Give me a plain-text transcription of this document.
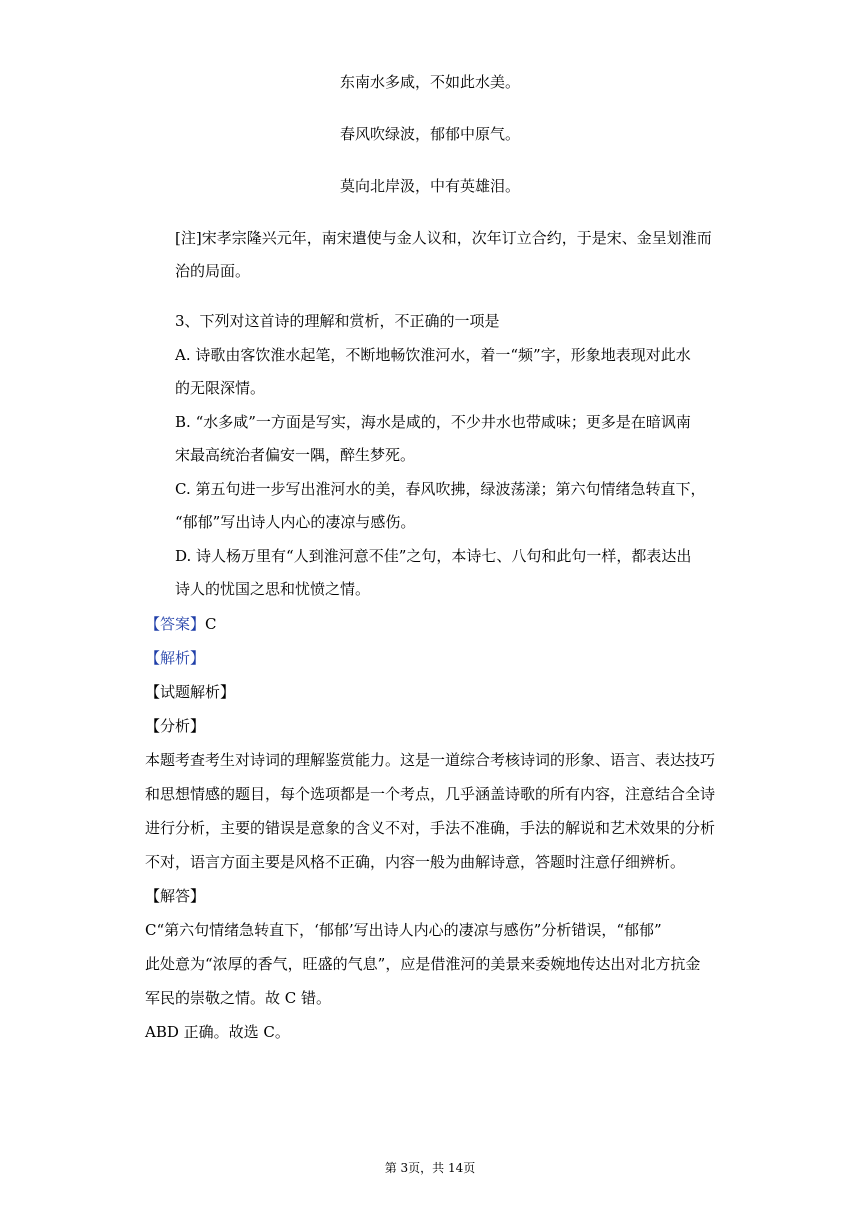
东南水多咸，不如此水美。
春风吹绿波，郁郁中原气。
莫向北岸汲，中有英雄泪。
[注]宋孝宗隆兴元年，南宋遣使与金人议和，次年订立合约，于是宋、金呈划淮而
治的局面。
3、下列对这首诗的理解和赏析，不正确的一项是
A. 诗歌由客饮淮水起笔，不断地畅饮淮河水，着一“频”字，形象地表现对此水
的无限深情。
B. “水多咸”一方面是写实，海水是咸的，不少井水也带咸味；更多是在暗讽南
宋最高统治者偏安一隅，醉生梦死。
C. 第五句进一步写出淮河水的美，春风吹拂，绿波荡漾；第六句情绪急转直下，
“郁郁”写出诗人内心的凄凉与感伤。
D. 诗人杨万里有“人到淮河意不佳”之句，本诗七、八句和此句一样，都表达出
诗人的忧国之思和忧愤之情。
【答案】C
【解析】
【试题解析】
【分析】
本题考查考生对诗词的理解鉴赏能力。这是一道综合考核诗词的形象、语言、表达技巧
和思想情感的题目，每个选项都是一个考点，几乎涵盖诗歌的所有内容，注意结合全诗
进行分析，主要的错误是意象的含义不对，手法不准确，手法的解说和艺术效果的分析
不对，语言方面主要是风格不正确，内容一般为曲解诗意，答题时注意仔细辨析。
【解答】
C“第六句情绪急转直下，‘郁郁’写出诗人内心的凄凉与感伤”分析错误，“郁郁”
此处意为“浓厚的香气，旺盛的气息”，应是借淮河的美景来委婉地传达出对北方抗金
军民的崇敬之情。故 C 错。
ABD 正确。故选 C。
第 3页，共 14页
